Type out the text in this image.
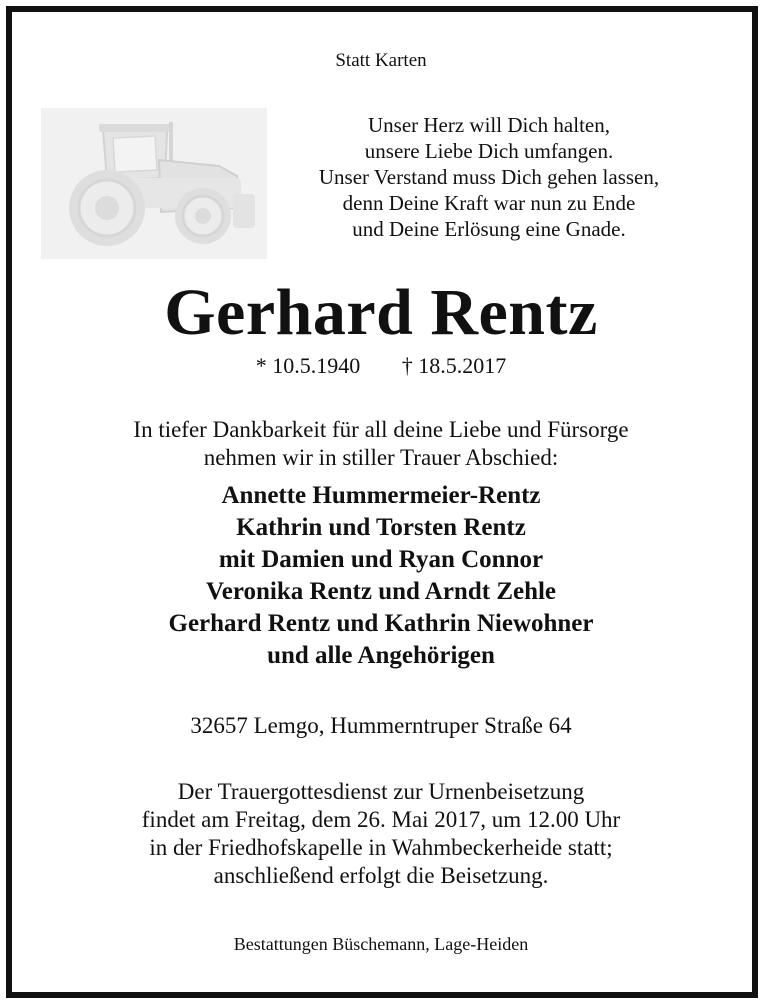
Statt Karten
Unser Herz will Dich halten,
unsere Liebe Dich umfangen.
Unser Verstand muss Dich gehen lassen,
denn Deine Kraft war nun zu Ende
und Deine Erlösung eine Gnade.
Gerhard Rentz
* 10.5.1940 † 18.5.2017
In tiefer Dankbarkeit für all deine Liebe und Fürsorge
nehmen wir in stiller Trauer Abschied:
Annette Hummermeier-Rentz
Kathrin und Torsten Rentz
mit Damien und Ryan Connor
Veronika Rentz und Arndt Zehle
Gerhard Rentz und Kathrin Niewohner
und alle Angehörigen
32657 Lemgo, Hummerntruper Straße 64
Der Trauergottesdienst zur Urnenbeisetzung
findet am Freitag, dem 26. Mai 2017, um 12.00 Uhr
in der Friedhofskapelle in Wahmbeckerheide statt;
anschließend erfolgt die Beisetzung.
Bestattungen Büschemann, Lage-Heiden
